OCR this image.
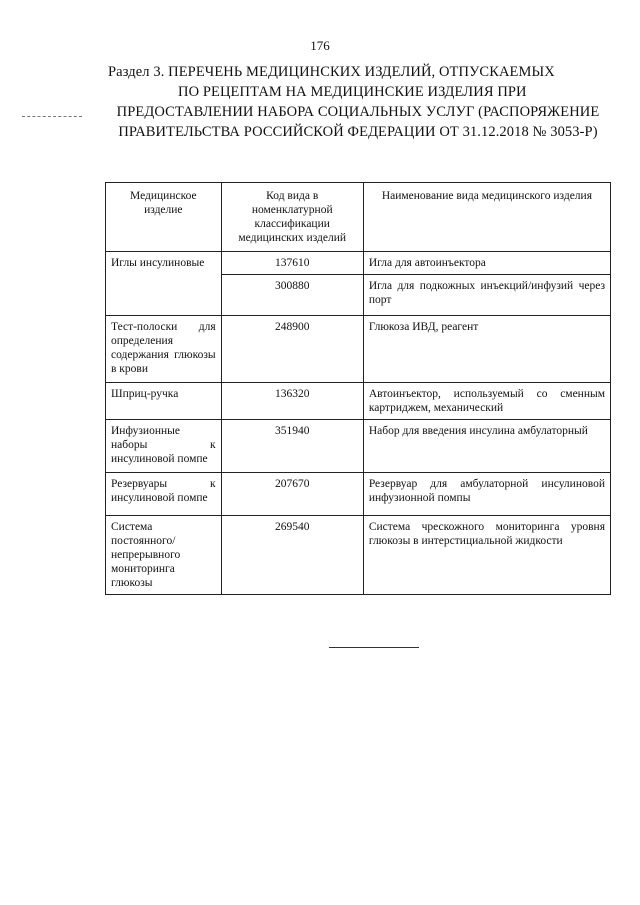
176
Раздел 3. ПЕРЕЧЕНЬ МЕДИЦИНСКИХ ИЗДЕЛИЙ, ОТПУСКАЕМЫХ
ПО РЕЦЕПТАМ НА МЕДИЦИНСКИЕ ИЗДЕЛИЯ ПРИ
ПРЕДОСТАВЛЕНИИ НАБОРА СОЦИАЛЬНЫХ УСЛУГ (РАСПОРЯЖЕНИЕ
ПРАВИТЕЛЬСТВА РОССИЙСКОЙ ФЕДЕРАЦИИ ОТ 31.12.2018 № 3053-Р)
Медицинское изделие	Код вида в номенклатурной классификации медицинских изделий	Наименование вида медицинского изделия
Иглы инсулиновые	137610	Игла для автоинъектора
	300880	Игла для подкожных инъекций/инфузий через порт
Тест-полоски для определения содержания глюкозы в крови	248900	Глюкоза ИВД, реагент
Шприц-ручка	136320	Автоинъектор, используемый со сменным картриджем, механический
Инфузионные наборы к инсулиновой помпе	351940	Набор для введения инсулина амбулаторный
Резервуары к инсулиновой помпе	207670	Резервуар для амбулаторной инсулиновой инфузионной помпы
Система постоянного/непрерывного мониторинга глюкозы	269540	Система чрескожного мониторинга уровня глюкозы в интерстициальной жидкости
